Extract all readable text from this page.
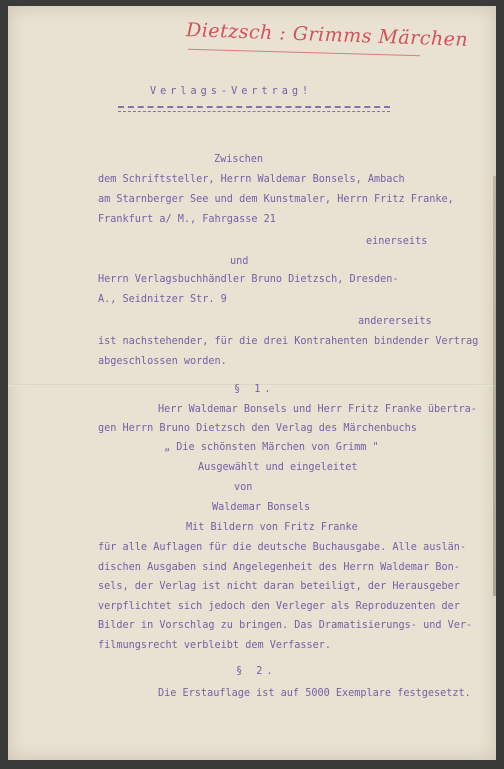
Dietzsch : Grimms Märchen
Verlags-Vertrag!
Zwischen
dem Schriftsteller, Herrn Waldemar Bonsels, Ambach
am Starnberger See und dem Kunstmaler, Herrn Fritz Franke,
Frankfurt a/ M., Fahrgasse 21
einerseits
und
Herrn Verlagsbuchhändler Bruno Dietzsch, Dresden-
A., Seidnitzer Str. 9
andererseits
ist nachstehender, für die drei Kontrahenten bindender Vertrag
abgeschlossen worden.
§ 1.
Herr Waldemar Bonsels und Herr Fritz Franke übertra-
gen Herrn Bruno Dietzsch den Verlag des Märchenbuchs
„ Die schönsten Märchen von Grimm "
Ausgewählt und eingeleitet
von
Waldemar Bonsels
Mit Bildern von Fritz Franke
für alle Auflagen für die deutsche Buchausgabe. Alle auslän-
dischen Ausgaben sind Angelegenheit des Herrn Waldemar Bon-
sels, der Verlag ist nicht daran beteiligt, der Herausgeber
verpflichtet sich jedoch den Verleger als Reproduzenten der
Bilder in Vorschlag zu bringen. Das Dramatisierungs- und Ver-
filmungsrecht verbleibt dem Verfasser.
§ 2.
Die Erstauflage ist auf 5000 Exemplare festgesetzt.
